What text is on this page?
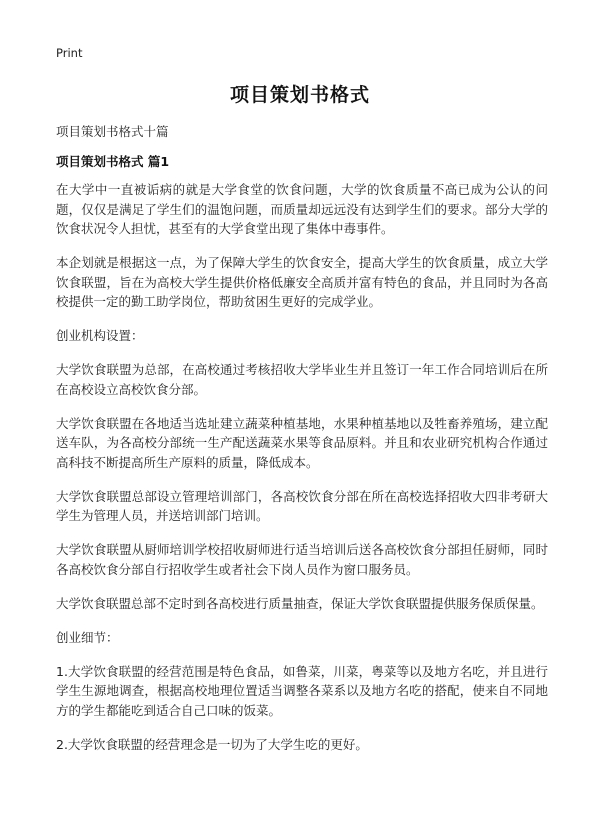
Print
项目策划书格式
项目策划书格式十篇
项目策划书格式 篇1

在大学中一直被诟病的就是大学食堂的饮食问题，大学的饮食质量不高已成为公认的问题，仅仅是满足了学生们的温饱问题，而质量却远远没有达到学生们的要求。部分大学的饮食状况令人担忧，甚至有的大学食堂出现了集体中毒事件。

本企划就是根据这一点，为了保障大学生的饮食安全，提高大学生的饮食质量，成立大学饮食联盟，旨在为高校大学生提供价格低廉安全高质并富有特色的食品，并且同时为各高校提供一定的勤工助学岗位，帮助贫困生更好的完成学业。

创业机构设置：

大学饮食联盟为总部，在高校通过考核招收大学毕业生并且签订一年工作合同培训后在所在高校设立高校饮食分部。

大学饮食联盟在各地适当选址建立蔬菜种植基地，水果种植基地以及牲畜养殖场，建立配送车队，为各高校分部统一生产配送蔬菜水果等食品原料。并且和农业研究机构合作通过高科技不断提高所生产原料的质量，降低成本。

大学饮食联盟总部设立管理培训部门，各高校饮食分部在所在高校选择招收大四非考研大学生为管理人员，并送培训部门培训。

大学饮食联盟从厨师培训学校招收厨师进行适当培训后送各高校饮食分部担任厨师，同时各高校饮食分部自行招收学生或者社会下岗人员作为窗口服务员。

大学饮食联盟总部不定时到各高校进行质量抽查，保证大学饮食联盟提供服务保质保量。

创业细节：

1.大学饮食联盟的经营范围是特色食品，如鲁菜，川菜，粤菜等以及地方名吃，并且进行学生生源地调查，根据高校地理位置适当调整各菜系以及地方名吃的搭配，使来自不同地方的学生都能吃到适合自己口味的饭菜。

2.大学饮食联盟的经营理念是一切为了大学生吃的更好。
